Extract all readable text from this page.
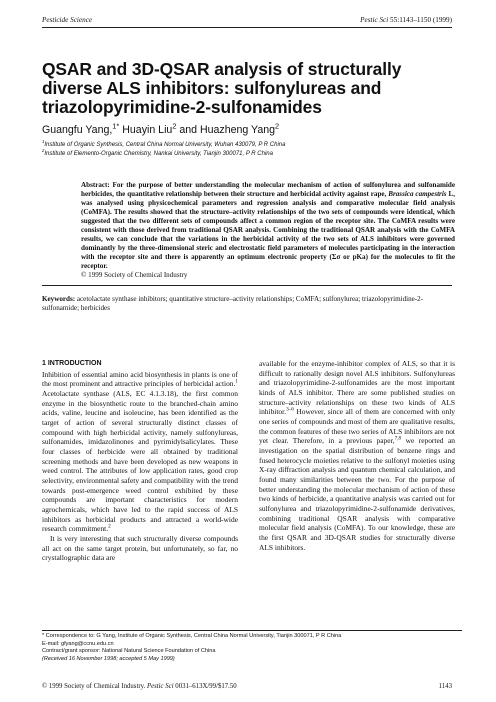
Pesticide Science	Pestic Sci 55:1143–1150 (1999)
QSAR and 3D-QSAR analysis of structurally diverse ALS inhibitors: sulfonylureas and triazolopyrimidine-2-sulfonamides
Guangfu Yang,$^{1*}$ Huayin Liu$^2$ and Huazheng Yang$^2$
$^1$Institute of Organic Synthesis, Central China Normal University, Wuhan 430079, P R China
$^2$Institute of Elemento-Organic Chemistry, Nankai University, Tianjin 300071, P R China
Abstract: For the purpose of better understanding the molecular mechanism of action of sulfonylurea and sulfonamide herbicides, the quantitative relationship between their structure and herbicidal activity against rape, Brassica campestris L, was analysed using physicochemical parameters and regression analysis and comparative molecular field analysis (CoMFA). The results showed that the structure–activity relationships of the two sets of compounds were identical, which suggested that the two different sets of compounds affect a common region of the receptor site. The CoMFA results were consistent with those derived from traditional QSAR analysis. Combining the traditional QSAR analysis with the CoMFA results, we can conclude that the variations in the herbicidal activity of the two sets of ALS inhibitors were governed dominantly by the three-dimensional steric and electrostatic field parameters of molecules participating in the interaction with the receptor site and there is apparently an optimum electronic property (Σσ or pKa) for the molecules to fit the receptor.
© 1999 Society of Chemical Industry
Keywords: acetolactate synthase inhibitors; quantitative structure–activity relationships; CoMFA; sulfonylurea; triazolopyrimidine-2-sulfonamide; herbicides
1 INTRODUCTION

Inhibition of essential amino acid biosynthesis in plants is one of the most prominent and attractive principles of herbicidal action.$^1$ Acetolactate synthase (ALS, EC 4.1.3.18), the first common enzyme in the biosynthetic route to the branched-chain amino acids, valine, leucine and isoleucine, has been identified as the target of action of several structurally distinct classes of compound with high herbicidal activity, namely sulfonylureas, sulfonamides, imidazolinones and pyrimidylsalicylates. These four classes of herbicide were all obtained by traditional screening methods and have been developed as new weapons in weed control. The attributes of low application rates, good crop selectivity, environmental safety and compatibility with the trend towards post-emergence weed control exhibited by these compounds are important characteristics for modern agrochemicals, which have led to the rapid success of ALS inhibitors as herbicidal products and attracted a world-wide research commitment.$^2$

It is very interesting that such structurally diverse compounds all act on the same target protein, but unfortunately, so far, no crystallographic data are

available for the enzyme-inhibitor complex of ALS, so that it is difficult to rationally design novel ALS inhibitors. Sulfonylureas and triazolopyrimidine-2-sulfonamides are the most important kinds of ALS inhibitor. There are some published studies on structure–activity relationships on these two kinds of ALS inhibitor.$^{3-6}$ However, since all of them are concerned with only one series of compounds and most of them are qualitative results, the common features of these two series of ALS inhibitors are not yet clear. Therefore, in a previous paper,$^{7,8}$ we reported an investigation on the spatial distribution of benzene rings and fused heterocycle moieties relative to the sulfonyl moieties using X-ray diffraction analysis and quantum chemical calculation, and found many similarities between the two. For the purpose of better understanding the molecular mechanism of action of these two kinds of herbicide, a quantitative analysis was carried out for sulfonylurea and triazolopyrimidine-2-sulfonamide derivatives, combining traditional QSAR analysis with comparative molecular field analysis (CoMFA). To our knowledge, these are the first QSAR and 3D-QSAR studies for structurally diverse ALS inhibitors.

* Correspondence to: G Yang, Institute of Organic Synthesis, Central China Normal University, Tianjin 300071, P R China
E-mail: gfyang@ccnu.edu.cn
Contract/grant sponsor: National Natural Science Foundation of China
(Received 16 November 1998; accepted 5 May 1999)
© 1999 Society of Chemical Industry. Pestic Sci 0031–613X/99/$17.50	1143
